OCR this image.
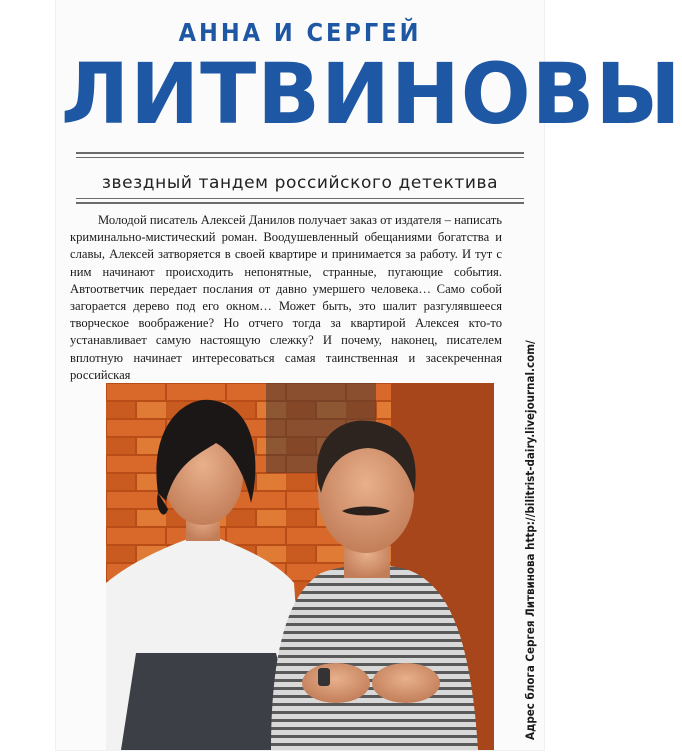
АННА И СЕРГЕЙ
ЛИТВИНОВЫ
звездный тандем российского детектива
Молодой писатель Алексей Данилов получает заказ от издателя – написать криминально-мистический роман. Воодушевленный обещаниями богатства и славы, Алексей затворяется в своей квартире и принимается за работу. И тут с ним начинают происходить непонятные, странные, пугающие события. Автоответчик передает послания от давно умершего человека… Само собой загорается дерево под его окном… Может быть, это шалит разгулявшееся творческое воображение? Но отчего тогда за квартирой Алексея кто-то устанавливает самую настоящую слежку? И почему, наконец, писателем вплотную начинает интересоваться самая таинственная и засекреченная российская	Адрес блога Сергея Литвинова http://bilitrist-dairy.livejournal.com/
